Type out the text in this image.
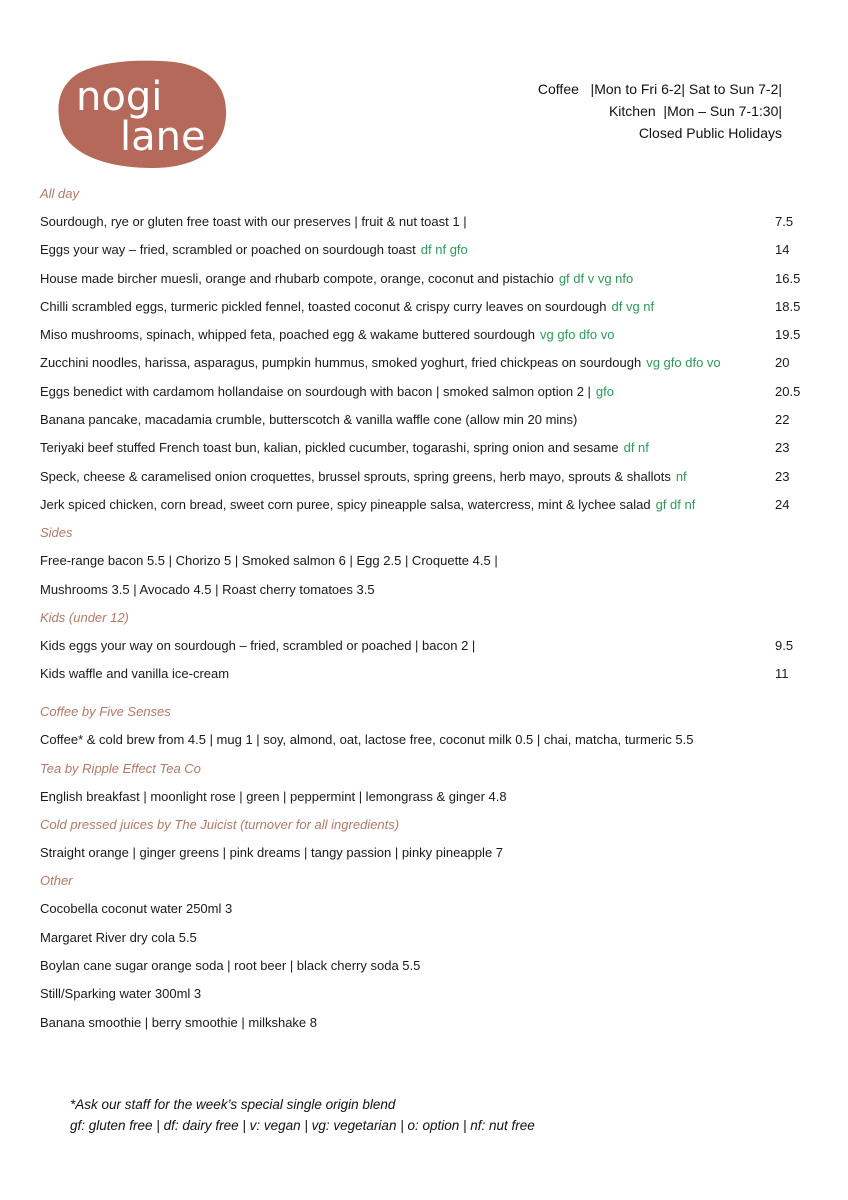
nogi
lane
Coffee   |Mon to Fri 6-2| Sat to Sun 7-2|
Kitchen  |Mon – Sun 7-1:30|
Closed Public Holidays
All day
Sourdough, rye or gluten free toast with our preserves | fruit & nut toast 1 |	7.5
Eggs your way – fried, scrambled or poached on sourdough toast df nf gfo	14
House made bircher muesli, orange and rhubarb compote, orange, coconut and pistachio gf df v vg nfo	16.5
Chilli scrambled eggs, turmeric pickled fennel, toasted coconut & crispy curry leaves on sourdough df vg nf	18.5
Miso mushrooms, spinach, whipped feta, poached egg & wakame buttered sourdough vg gfo dfo vo	19.5
Zucchini noodles, harissa, asparagus, pumpkin hummus, smoked yoghurt, fried chickpeas on sourdough vg gfo dfo vo	20
Eggs benedict with cardamom hollandaise on sourdough with bacon | smoked salmon option 2 | gfo	20.5
Banana pancake, macadamia crumble, butterscotch & vanilla waffle cone (allow min 20 mins)	22
Teriyaki beef stuffed French toast bun, kalian, pickled cucumber, togarashi, spring onion and sesame df nf	23
Speck, cheese & caramelised onion croquettes, brussel sprouts, spring greens, herb mayo, sprouts & shallots nf	23
Jerk spiced chicken, corn bread, sweet corn puree, spicy pineapple salsa, watercress, mint & lychee salad gf df nf	24
Sides
Free-range bacon 5.5 | Chorizo 5 | Smoked salmon 6 | Egg 2.5 | Croquette 4.5 |
Mushrooms 3.5 | Avocado 4.5 | Roast cherry tomatoes 3.5
Kids (under 12)
Kids eggs your way on sourdough – fried, scrambled or poached | bacon 2 |	9.5
Kids waffle and vanilla ice-cream	11
Coffee by Five Senses
Coffee* & cold brew from 4.5 | mug 1 | soy, almond, oat, lactose free, coconut milk 0.5 | chai, matcha, turmeric 5.5
Tea by Ripple Effect Tea Co
English breakfast | moonlight rose | green | peppermint | lemongrass & ginger 4.8
Cold pressed juices by The Juicist (turnover for all ingredients)
Straight orange | ginger greens | pink dreams | tangy passion | pinky pineapple 7
Other
Cocobella coconut water 250ml 3
Margaret River dry cola 5.5
Boylan cane sugar orange soda | root beer | black cherry soda 5.5
Still/Sparking water 300ml 3
Banana smoothie | berry smoothie | milkshake 8
*Ask our staff for the week’s special single origin blend
gf: gluten free | df: dairy free | v: vegan | vg: vegetarian | o: option | nf: nut free
